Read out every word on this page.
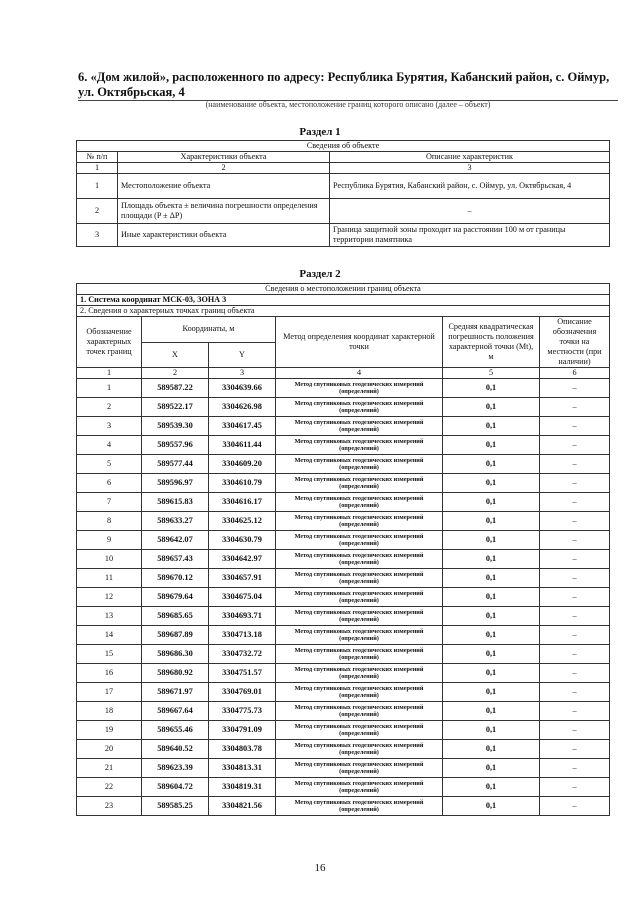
6. «Дом жилой», расположенного по адресу: Республика Бурятия, Кабанский район, с. Оймур, ул. Октябрьская, 4
(наименование объекта, местоположение границ которого описано (далее – объект)
Раздел 1
Сведения об объекте		
№ п/п	Характеристики объекта	Описание характеристик
1	2	3
1	Местоположение объекта	Республика Бурятия, Кабанский район, с. Оймур, ул. Октябрьская, 4
2	Площадь объекта ± величина погрешности определения площади (P ± ΔP)	–
3	Иные характеристики объекта	Граница защитной зоны проходит на расстоянии 100 м от границы территории памятника
Раздел 2
Сведения о местоположении границ объекта					
1. Система координат МСК-03, ЗОНА 3					
2. Сведения о характерных точках границ объекта					
Обозначение характерных точек границ	Координаты, м		Метод определения координат характерной точки	Средняя квадратическая погрешность положения характерной точки (Mt), м	Описание обозначения точки на местности (при наличии)
	X	Y			
1	2	3	4	5	6
1	589587.22	3304639.66	Метод спутниковых геодезических измерений (определений)	0,1	–
2	589522.17	3304626.98	Метод спутниковых геодезических измерений (определений)	0,1	–
3	589539.30	3304617.45	Метод спутниковых геодезических измерений (определений)	0,1	–
4	589557.96	3304611.44	Метод спутниковых геодезических измерений (определений)	0,1	–
5	589577.44	3304609.20	Метод спутниковых геодезических измерений (определений)	0,1	–
6	589596.97	3304610.79	Метод спутниковых геодезических измерений (определений)	0,1	–
7	589615.83	3304616.17	Метод спутниковых геодезических измерений (определений)	0,1	–
8	589633.27	3304625.12	Метод спутниковых геодезических измерений (определений)	0,1	–
9	589642.07	3304630.79	Метод спутниковых геодезических измерений (определений)	0,1	–
10	589657.43	3304642.97	Метод спутниковых геодезических измерений (определений)	0,1	–
11	589670.12	3304657.91	Метод спутниковых геодезических измерений (определений)	0,1	–
12	589679.64	3304675.04	Метод спутниковых геодезических измерений (определений)	0,1	–
13	589685.65	3304693.71	Метод спутниковых геодезических измерений (определений)	0,1	–
14	589687.89	3304713.18	Метод спутниковых геодезических измерений (определений)	0,1	–
15	589686.30	3304732.72	Метод спутниковых геодезических измерений (определений)	0,1	–
16	589680.92	3304751.57	Метод спутниковых геодезических измерений (определений)	0,1	–
17	589671.97	3304769.01	Метод спутниковых геодезических измерений (определений)	0,1	–
18	589667.64	3304775.73	Метод спутниковых геодезических измерений (определений)	0,1	–
19	589655.46	3304791.09	Метод спутниковых геодезических измерений (определений)	0,1	–
20	589640.52	3304803.78	Метод спутниковых геодезических измерений (определений)	0,1	–
21	589623.39	3304813.31	Метод спутниковых геодезических измерений (определений)	0,1	–
22	589604.72	3304819.31	Метод спутниковых геодезических измерений (определений)	0,1	–
23	589585.25	3304821.56	Метод спутниковых геодезических измерений (определений)	0,1	–
16
